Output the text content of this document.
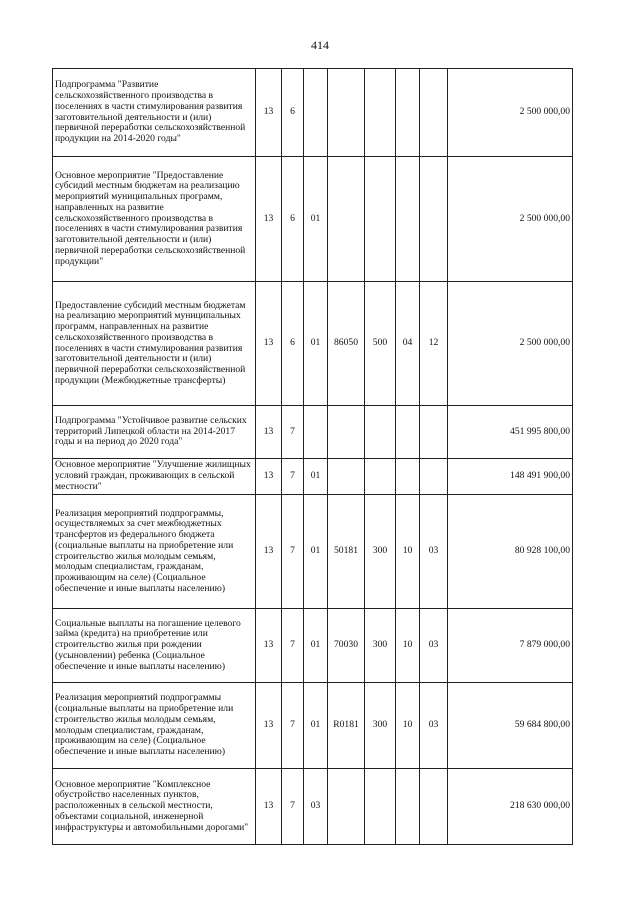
414
Подпрограмма "Развитие сельскохозяйственного производства в поселениях в части стимулирования развития заготовительной деятельности и (или) первичной переработки сельскохозяйственной продукции на 2014-2020 годы"	13	6						2 500 000,00
Основное мероприятие "Предоставление субсидий местным бюджетам на реализацию мероприятий муниципальных программ, направленных на развитие сельскохозяйственного производства в поселениях в части стимулирования развития заготовительной деятельности и (или) первичной переработки сельскохозяйственной продукции"	13	6	01					2 500 000,00
Предоставление субсидий местным бюджетам на реализацию мероприятий муниципальных программ, направленных на развитие сельскохозяйственного производства в поселениях в части стимулирования развития заготовительной деятельности и (или) первичной переработки сельскохозяйственной продукции (Межбюджетные трансферты)	13	6	01	86050	500	04	12	2 500 000,00
Подпрограмма "Устойчивое развитие сельских территорий Липецкой области на 2014-2017 годы и на период до 2020 года"	13	7						451 995 800,00
Основное мероприятие "Улучшение жилищных условий граждан, проживающих в сельской местности"	13	7	01					148 491 900,00
Реализация мероприятий подпрограммы, осуществляемых за счет межбюджетных трансфертов из федерального бюджета (социальные выплаты на приобретение или строительство жилья молодым семьям, молодым специалистам, гражданам, проживающим на селе) (Социальное обеспечение и иные выплаты населению)	13	7	01	50181	300	10	03	80 928 100,00
Социальные выплаты на погашение целевого займа (кредита) на приобретение или строительство жилья при рождении (усыновлении) ребенка (Социальное обеспечение и иные выплаты населению)	13	7	01	70030	300	10	03	7 879 000,00
Реализация мероприятий подпрограммы (социальные выплаты на приобретение или строительство жилья молодым семьям, молодым специалистам, гражданам, проживающим на селе) (Социальное обеспечение и иные выплаты населению)	13	7	01	R0181	300	10	03	59 684 800,00
Основное мероприятие "Комплексное обустройство населенных пунктов, расположенных в сельской местности, объектами социальной, инженерной инфраструктуры и автомобильными дорогами"	13	7	03					218 630 000,00
